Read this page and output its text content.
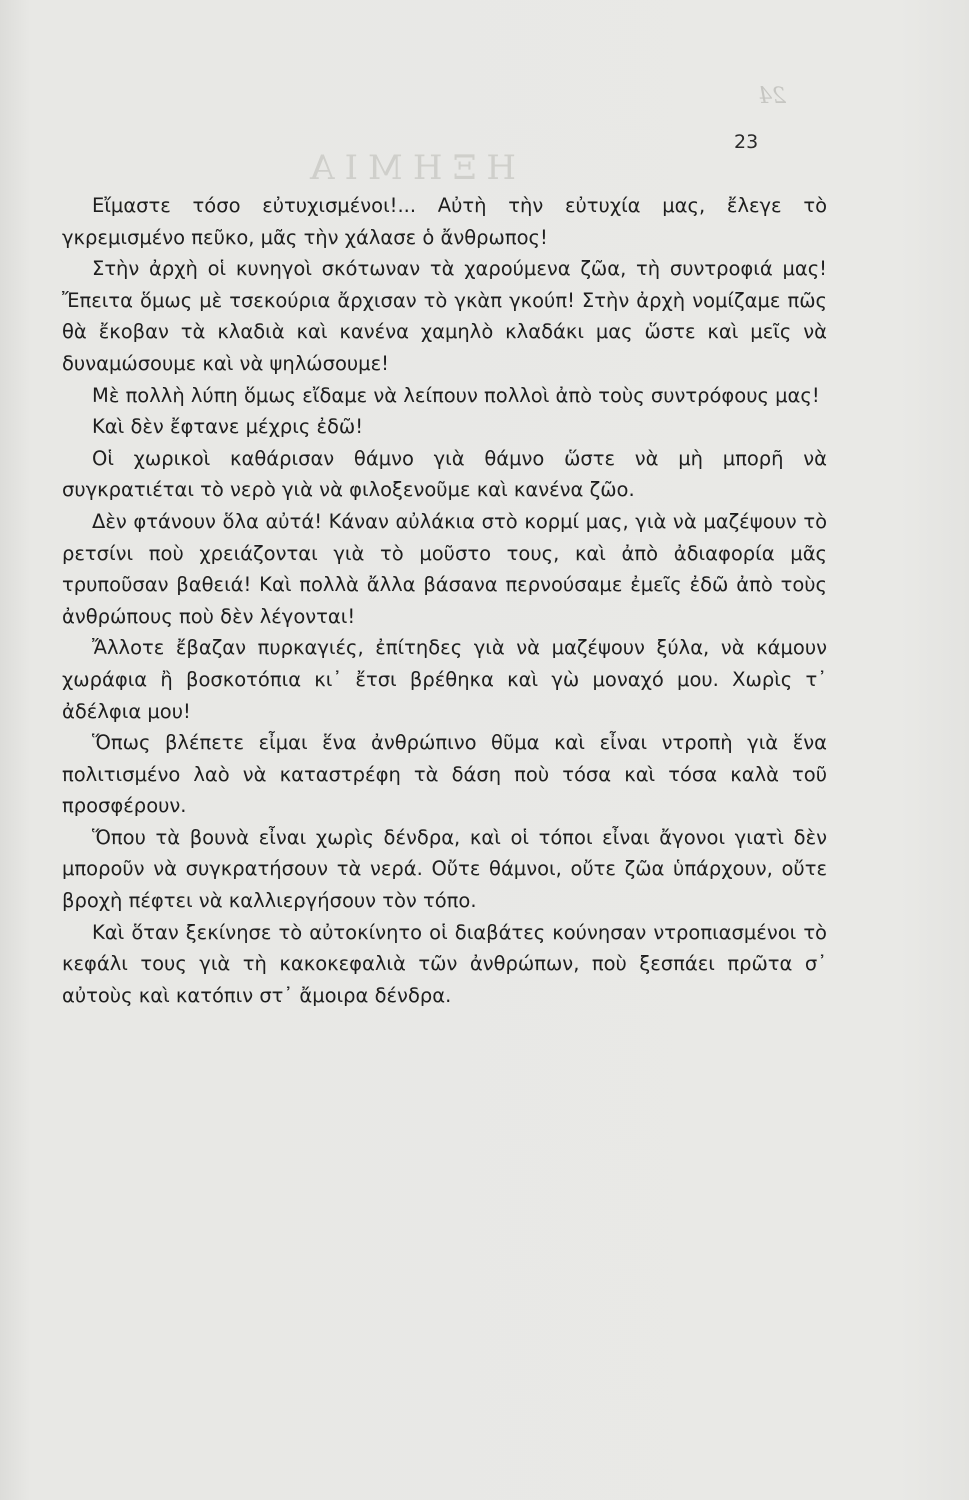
24
ΗΞΗΜΙΑ
23

Εἴμαστε τόσο εὐτυχισμένοι!... Αὐτὴ τὴν εὐτυχία μας, ἔλεγε τὸ γκρεμισμένο πεῦκο, μᾶς τὴν χάλασε ὁ ἄνθρωπος!

Στὴν ἀρχὴ οἱ κυνηγοὶ σκότωναν τὰ χαρούμενα ζῶα, τὴ συντροφιά μας! Ἔπειτα ὅμως μὲ τσεκούρια ἄρχισαν τὸ γκὰπ γκούπ! Στὴν ἀρχὴ νομίζαμε πῶς θὰ ἔκοβαν τὰ κλαδιὰ καὶ κανένα χαμηλὸ κλαδάκι μας ὥστε καὶ μεῖς νὰ δυναμώσουμε καὶ νὰ ψηλώσουμε!

Μὲ πολλὴ λύπη ὅμως εἴδαμε νὰ λείπουν πολλοὶ ἀπὸ τοὺς συντρόφους μας!

Καὶ δὲν ἔφτανε μέχρις ἐδῶ!

Οἱ χωρικοὶ καθάρισαν θάμνο γιὰ θάμνο ὥστε νὰ μὴ μπορῆ νὰ συγκρατιέται τὸ νερὸ γιὰ νὰ φιλοξενοῦμε καὶ κανένα ζῶο.

Δὲν φτάνουν ὅλα αὐτά! Κάναν αὐλάκια στὸ κορμί μας, γιὰ νὰ μαζέψουν τὸ ρετσίνι ποὺ χρειάζονται γιὰ τὸ μοῦστο τους, καὶ ἀπὸ ἀδιαφορία μᾶς τρυποῦσαν βαθειά! Καὶ πολλὰ ἄλλα βάσανα περνούσαμε ἐμεῖς ἐδῶ ἀπὸ τοὺς ἀνθρώπους ποὺ δὲν λέγονται!

Ἄλλοτε ἔβαζαν πυρκαγιές, ἐπίτηδες γιὰ νὰ μαζέψουν ξύλα, νὰ κάμουν χωράφια ἢ βοσκοτόπια κι᾿ ἔτσι βρέθηκα καὶ γὼ μοναχό μου. Χωρὶς τ᾿ ἀδέλφια μου!

Ὅπως βλέπετε εἶμαι ἕνα ἀνθρώπινο θῦμα καὶ εἶναι ντροπὴ γιὰ ἕνα πολιτισμένο λαὸ νὰ καταστρέφη τὰ δάση ποὺ τόσα καὶ τόσα καλὰ τοῦ προσφέρουν.

Ὅπου τὰ βουνὰ εἶναι χωρὶς δένδρα, καὶ οἱ τόποι εἶναι ἄγονοι γιατὶ δὲν μποροῦν νὰ συγκρατήσουν τὰ νερά. Οὔτε θάμνοι, οὔτε ζῶα ὑπάρχουν, οὔτε βροχὴ πέφτει νὰ καλλιεργήσουν τὸν τόπο.

Καὶ ὅταν ξεκίνησε τὸ αὐτοκίνητο οἱ διαβάτες κούνησαν ντροπιασμένοι τὸ κεφάλι τους γιὰ τὴ κακοκεφαλιὰ τῶν ἀνθρώπων, ποὺ ξεσπάει πρῶτα σ᾿ αὐτοὺς καὶ κατόπιν στ᾿ ἄμοιρα δένδρα.
